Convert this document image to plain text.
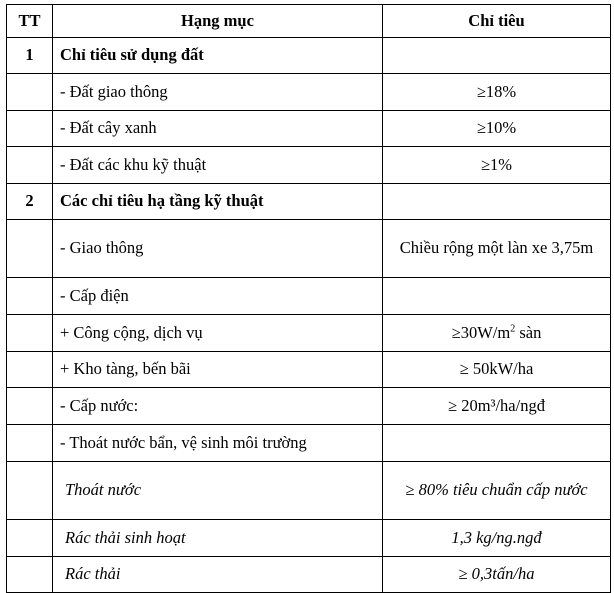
TT	Hạng mục	Chỉ tiêu
1	Chỉ tiêu sử dụng đất	
	- Đất giao thông	≥18%
	- Đất cây xanh	≥10%
	- Đất các khu kỹ thuật	≥1%
2	Các chỉ tiêu hạ tầng kỹ thuật	
	- Giao thông	Chiều rộng một làn xe 3,75m
	- Cấp điện	
	+ Công cộng, dịch vụ	$\ge 30W/m^2$ sàn
	+ Kho tàng, bến bãi	≥ 50kW/ha
	- Cấp nước:	≥ 20m³/ha/ngđ
	- Thoát nước bẩn, vệ sinh môi trường	
	Thoát nước	≥ 80% tiêu chuẩn cấp nước
	Rác thải sinh hoạt	1,3 kg/ng.ngđ
	Rác thải	≥ 0,3tấn/ha
